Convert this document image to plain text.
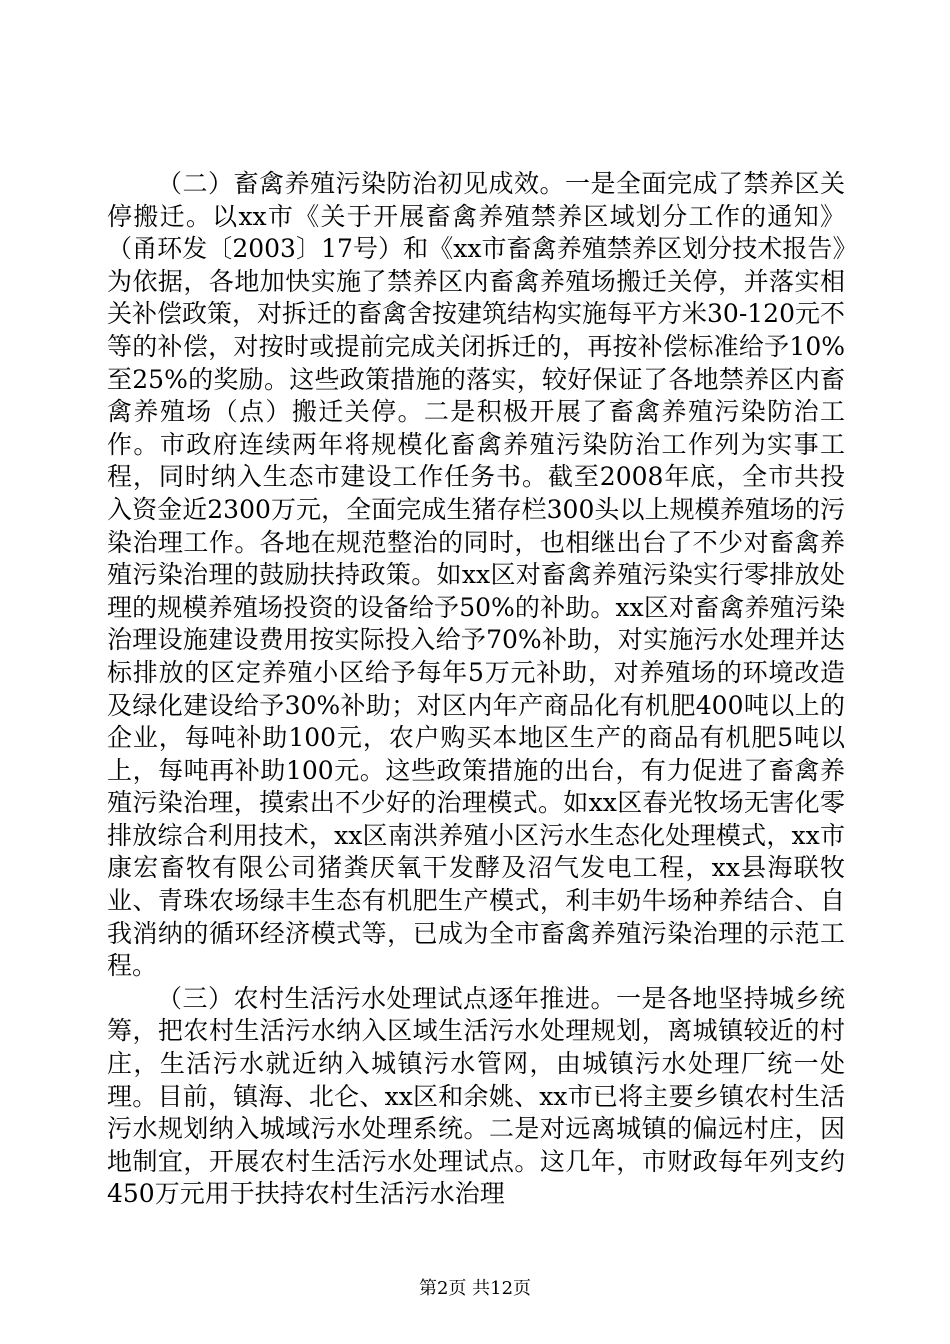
（二）畜禽养殖污染防治初见成效。一是全面完成了禁养区关停搬迁。以xx市《关于开展畜禽养殖禁养区域划分工作的通知》（甬环发〔2003〕17号）和《xx市畜禽养殖禁养区划分技术报告》为依据，各地加快实施了禁养区内畜禽养殖场搬迁关停，并落实相关补偿政策，对拆迁的畜禽舍按建筑结构实施每平方米30-120元不等的补偿，对按时或提前完成关闭拆迁的，再按补偿标准给予10%至25%的奖励。这些政策措施的落实，较好保证了各地禁养区内畜禽养殖场（点）搬迁关停。二是积极开展了畜禽养殖污染防治工作。市政府连续两年将规模化畜禽养殖污染防治工作列为实事工程，同时纳入生态市建设工作任务书。截至2008年底，全市共投入资金近2300万元，全面完成生猪存栏300头以上规模养殖场的污染治理工作。各地在规范整治的同时，也相继出台了不少对畜禽养殖污染治理的鼓励扶持政策。如xx区对畜禽养殖污染实行零排放处理的规模养殖场投资的设备给予50%的补助。xx区对畜禽养殖污染治理设施建设费用按实际投入给予70%补助，对实施污水处理并达标排放的区定养殖小区给予每年5万元补助，对养殖场的环境改造及绿化建设给予30%补助；对区内年产商品化有机肥400吨以上的企业，每吨补助100元，农户购买本地区生产的商品有机肥5吨以上，每吨再补助100元。这些政策措施的出台，有力促进了畜禽养殖污染治理，摸索出不少好的治理模式。如xx区春光牧场无害化零排放综合利用技术，xx区南洪养殖小区污水生态化处理模式，xx市康宏畜牧有限公司猪粪厌氧干发酵及沼气发电工程，xx县海联牧业、青珠农场绿丰生态有机肥生产模式，利丰奶牛场种养结合、自我消纳的循环经济模式等，已成为全市畜禽养殖污染治理的示范工程。

（三）农村生活污水处理试点逐年推进。一是各地坚持城乡统筹，把农村生活污水纳入区域生活污水处理规划，离城镇较近的村庄，生活污水就近纳入城镇污水管网，由城镇污水处理厂统一处理。目前，镇海、北仑、xx区和余姚、xx市已将主要乡镇农村生活污水规划纳入城域污水处理系统。二是对远离城镇的偏远村庄，因地制宜，开展农村生活污水处理试点。这几年，市财政每年列支约450万元用于扶持农村生活污水治理

第2页 共12页
